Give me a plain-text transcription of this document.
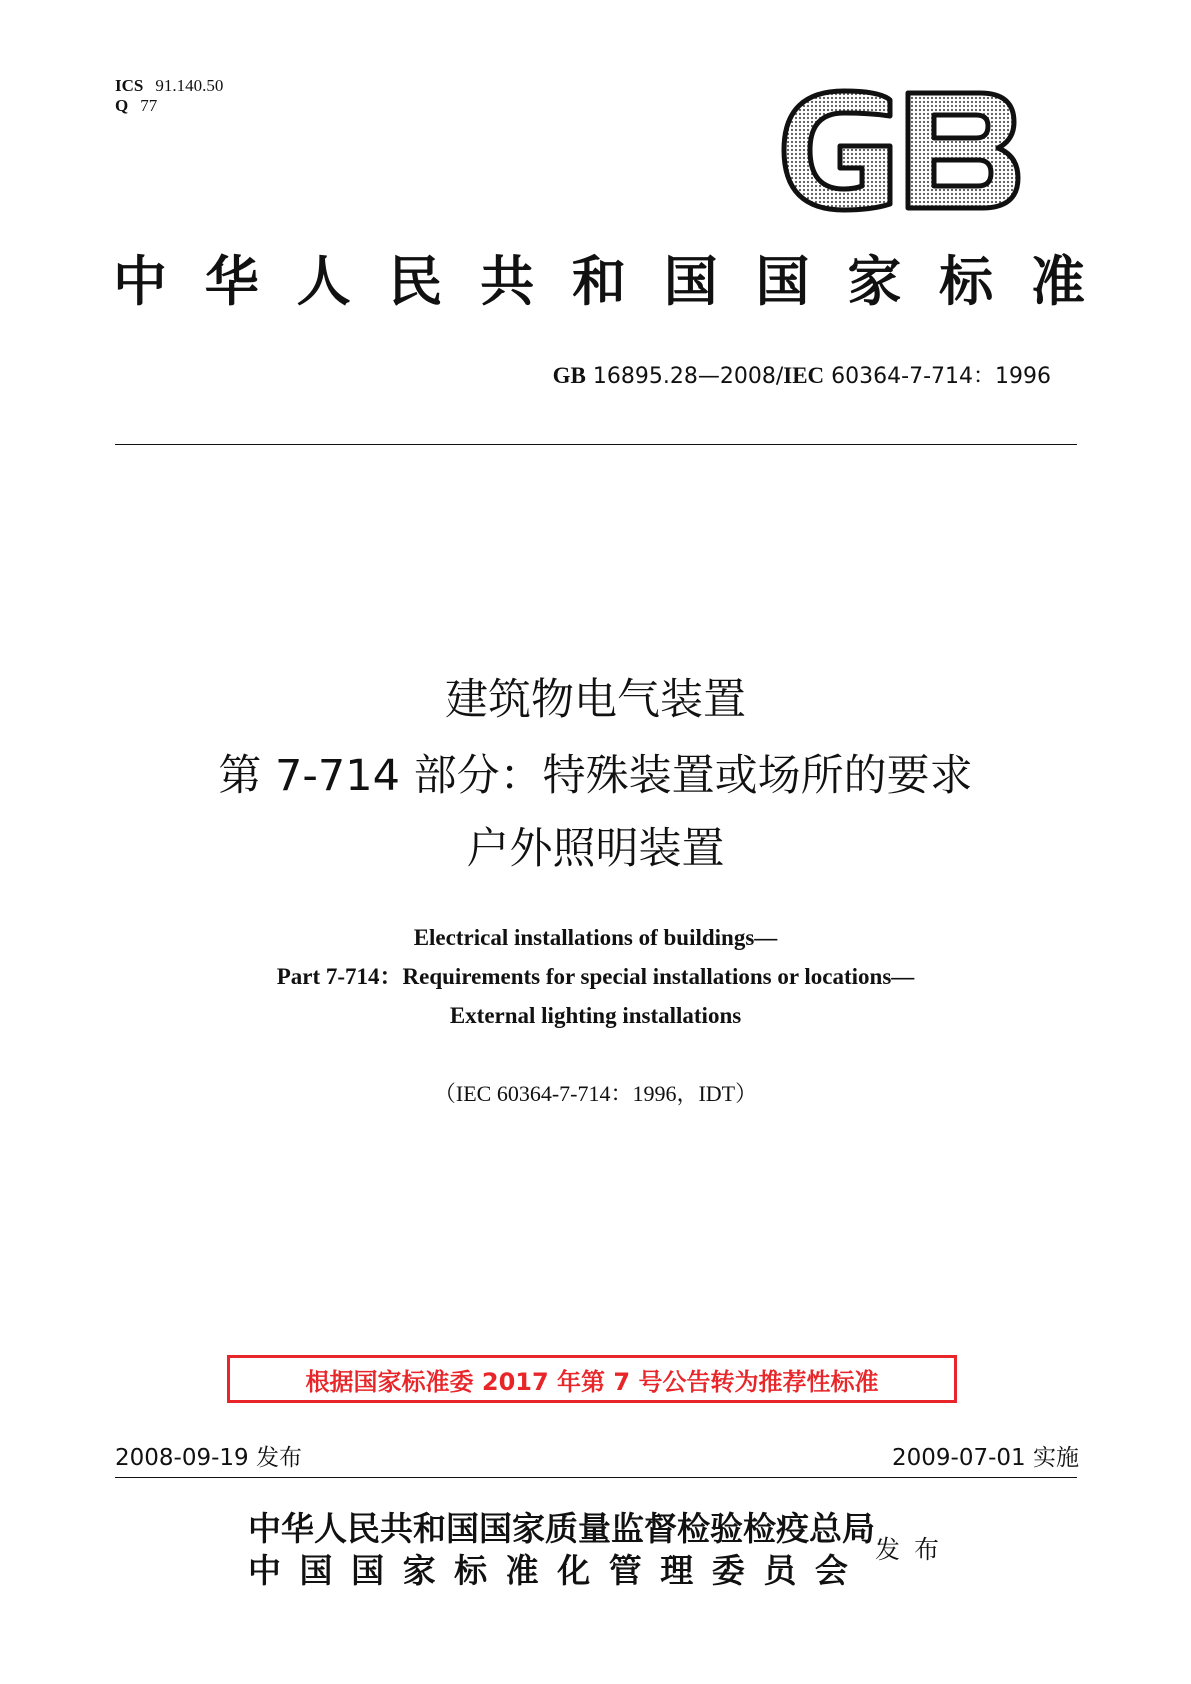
ICS 91.140.50
Q 77
GB
中 华 人 民 共 和 国 国 家 标 准
GB 16895.28—2008/IEC 60364-7-714：1996
建筑物电气装置
第 7-714 部分：特殊装置或场所的要求
户外照明装置
Electrical installations of buildings—
Part 7-714：Requirements for special installations or locations—
External lighting installations
（IEC 60364-7-714：1996，IDT）
根据国家标准委 2017 年第 7 号公告转为推荐性标准
2008-09-19 发布	2009-07-01 实施
中华人民共和国国家质量监督检验检疫总局
中 国 国 家 标 准 化 管 理 委 员 会
发布
